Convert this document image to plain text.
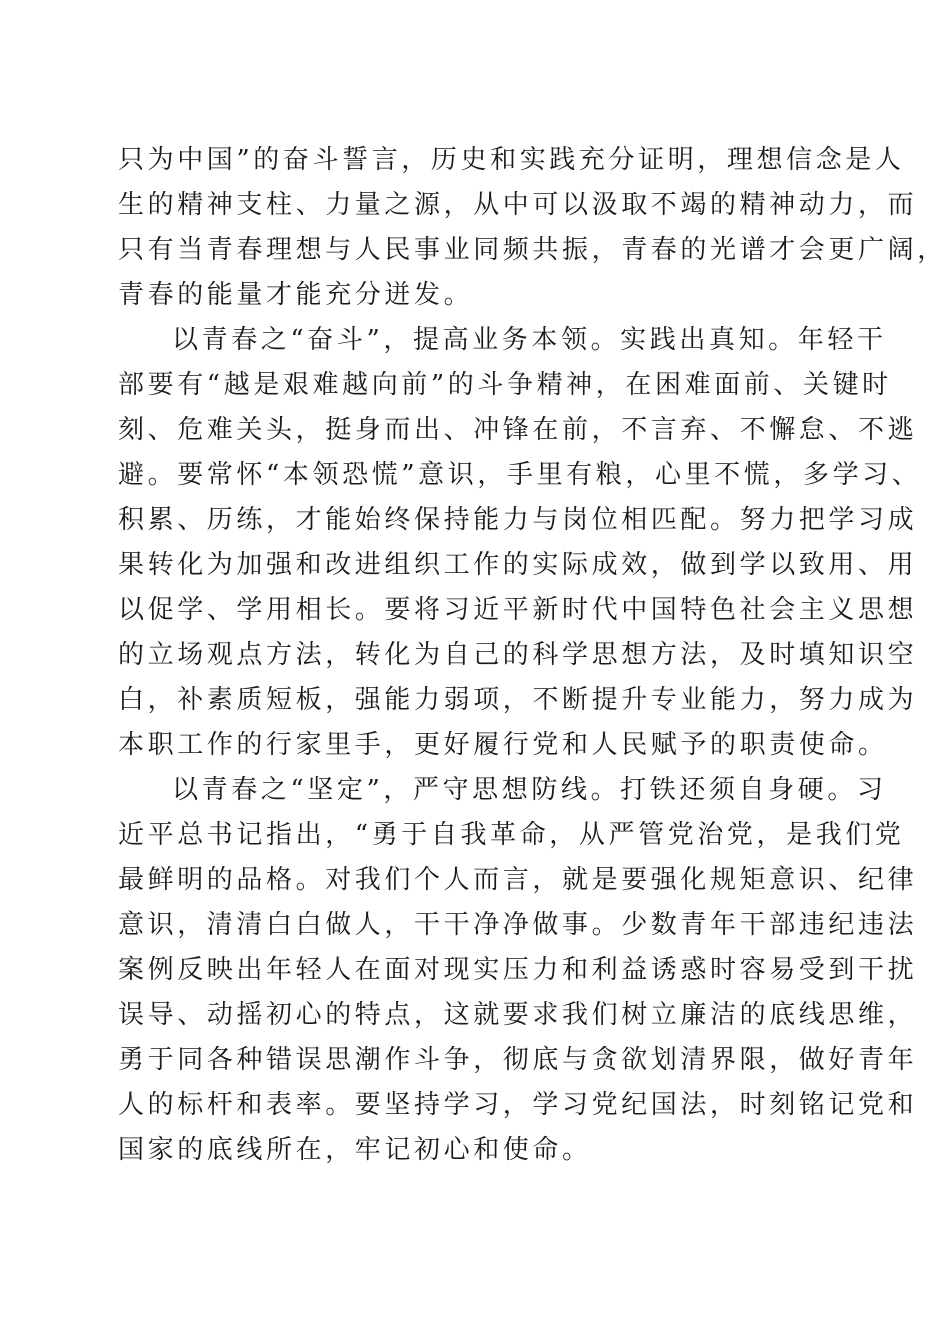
只为中国”的奋斗誓言，历史和实践充分证明，理想信念是人
生的精神支柱、力量之源，从中可以汲取不竭的精神动力，而
只有当青春理想与人民事业同频共振，青春的光谱才会更广阔，
青春的能量才能充分迸发。
以青春之“奋斗”，提高业务本领。实践出真知。年轻干
部要有“越是艰难越向前”的斗争精神，在困难面前、关键时
刻、危难关头，挺身而出、冲锋在前，不言弃、不懈怠、不逃
避。要常怀“本领恐慌”意识，手里有粮，心里不慌，多学习、
积累、历练，才能始终保持能力与岗位相匹配。努力把学习成
果转化为加强和改进组织工作的实际成效，做到学以致用、用
以促学、学用相长。要将习近平新时代中国特色社会主义思想
的立场观点方法，转化为自己的科学思想方法，及时填知识空
白，补素质短板，强能力弱项，不断提升专业能力，努力成为
本职工作的行家里手，更好履行党和人民赋予的职责使命。
以青春之“坚定”，严守思想防线。打铁还须自身硬。习
近平总书记指出，“勇于自我革命，从严管党治党，是我们党
最鲜明的品格。对我们个人而言，就是要强化规矩意识、纪律
意识，清清白白做人，干干净净做事。少数青年干部违纪违法
案例反映出年轻人在面对现实压力和利益诱惑时容易受到干扰
误导、动摇初心的特点，这就要求我们树立廉洁的底线思维，
勇于同各种错误思潮作斗争，彻底与贪欲划清界限，做好青年
人的标杆和表率。要坚持学习，学习党纪国法，时刻铭记党和
国家的底线所在，牢记初心和使命。
